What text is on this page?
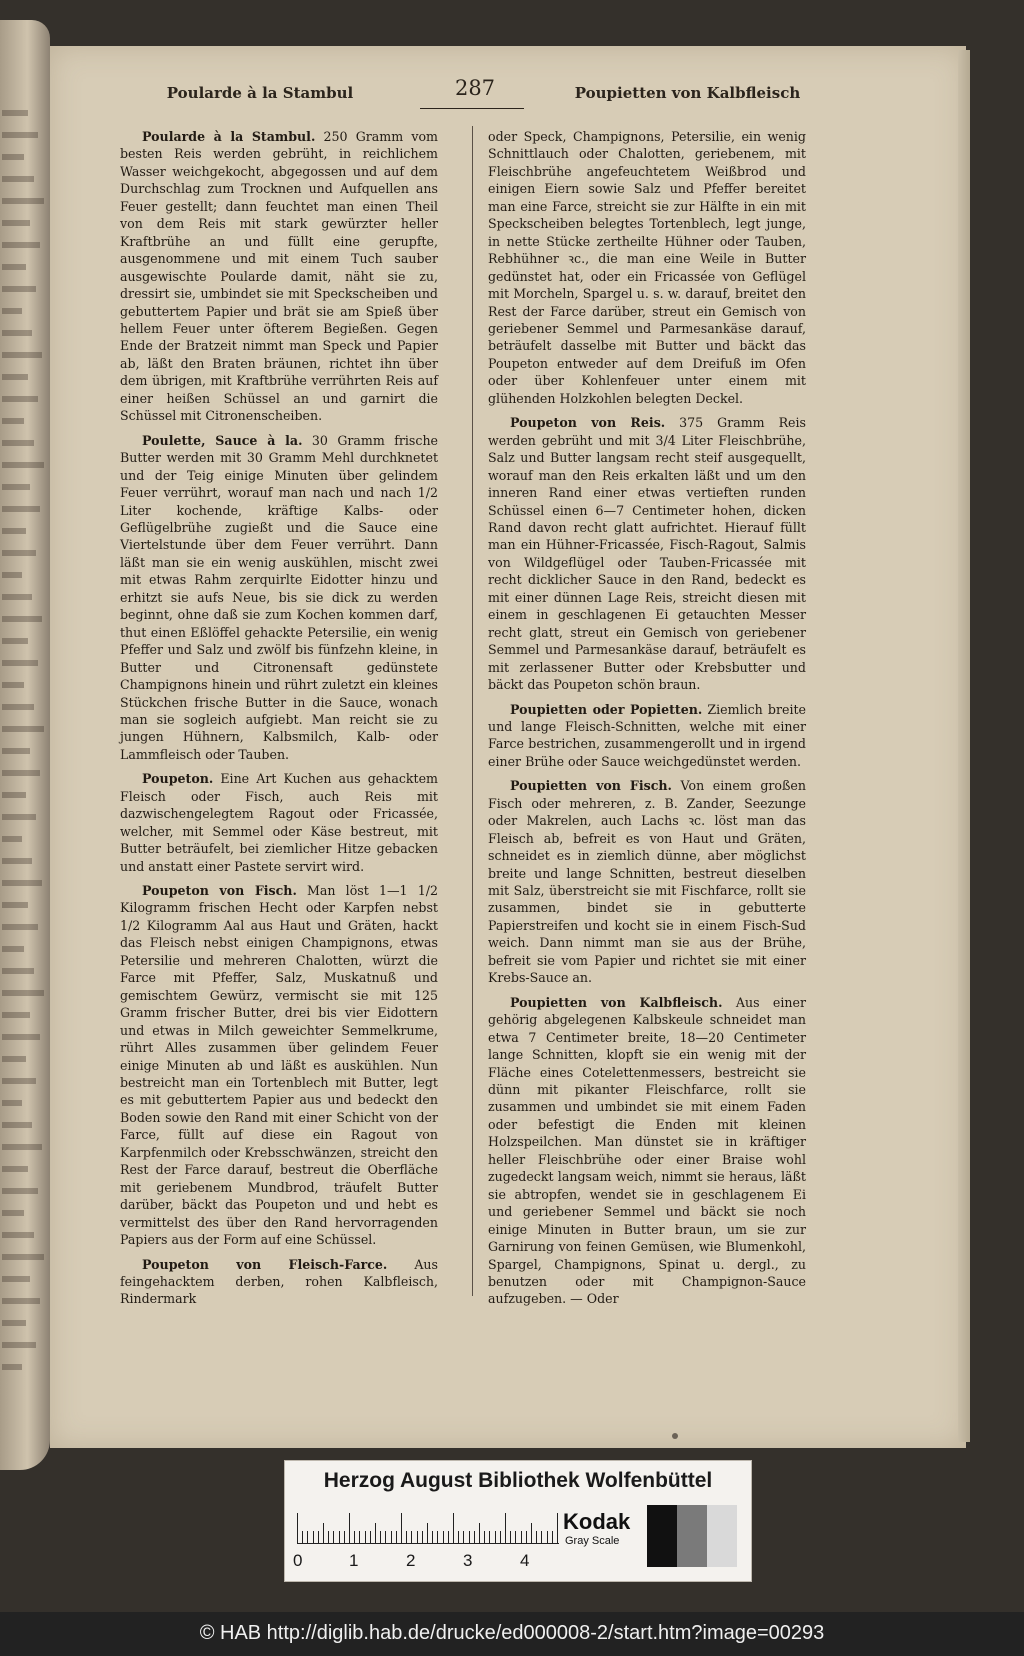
Poularde à la Stambul	287	Poupietten von Kalbfleisch

Poularde à la Stambul. 250 Gramm vom besten Reis werden gebrüht, in reichlichem Wasser weichgekocht, abgegossen und auf dem Durchschlag zum Trocknen und Aufquellen ans Feuer gestellt; dann feuchtet man einen Theil von dem Reis mit stark gewürzter heller Kraftbrühe an und füllt eine gerupfte, ausgenommene und mit einem Tuch sauber ausgewischte Poularde damit, näht sie zu, dressirt sie, umbindet sie mit Speckscheiben und gebuttertem Papier und brät sie am Spieß über hellem Feuer unter öfterem Begießen. Gegen Ende der Bratzeit nimmt man Speck und Papier ab, läßt den Braten bräunen, richtet ihn über dem übrigen, mit Kraftbrühe verrührten Reis auf einer heißen Schüssel an und garnirt die Schüssel mit Citronenscheiben.

Poulette, Sauce à la. 30 Gramm frische Butter werden mit 30 Gramm Mehl durchknetet und der Teig einige Minuten über gelindem Feuer verrührt, worauf man nach und nach 1/2 Liter kochende, kräftige Kalbs- oder Geflügelbrühe zugießt und die Sauce eine Viertelstunde über dem Feuer verrührt. Dann läßt man sie ein wenig auskühlen, mischt zwei mit etwas Rahm zerquirlte Eidotter hinzu und erhitzt sie aufs Neue, bis sie dick zu werden beginnt, ohne daß sie zum Kochen kommen darf, thut einen Eßlöffel gehackte Petersilie, ein wenig Pfeffer und Salz und zwölf bis fünfzehn kleine, in Butter und Citronensaft gedünstete Champignons hinein und rührt zuletzt ein kleines Stückchen frische Butter in die Sauce, wonach man sie sogleich aufgiebt. Man reicht sie zu jungen Hühnern, Kalbsmilch, Kalb- oder Lammfleisch oder Tauben.

Poupeton. Eine Art Kuchen aus gehacktem Fleisch oder Fisch, auch Reis mit dazwischengelegtem Ragout oder Fricassée, welcher, mit Semmel oder Käse bestreut, mit Butter beträufelt, bei ziemlicher Hitze gebacken und anstatt einer Pastete servirt wird.

Poupeton von Fisch. Man löst 1—1 1/2 Kilogramm frischen Hecht oder Karpfen nebst 1/2 Kilogramm Aal aus Haut und Gräten, hackt das Fleisch nebst einigen Champignons, etwas Petersilie und mehreren Chalotten, würzt die Farce mit Pfeffer, Salz, Muskatnuß und gemischtem Gewürz, vermischt sie mit 125 Gramm frischer Butter, drei bis vier Eidottern und etwas in Milch geweichter Semmelkrume, rührt Alles zusammen über gelindem Feuer einige Minuten ab und läßt es auskühlen. Nun bestreicht man ein Tortenblech mit Butter, legt es mit gebuttertem Papier aus und bedeckt den Boden sowie den Rand mit einer Schicht von der Farce, füllt auf diese ein Ragout von Karpfenmilch oder Krebsschwänzen, streicht den Rest der Farce darauf, bestreut die Oberfläche mit geriebenem Mundbrod, träufelt Butter darüber, bäckt das Poupeton und und hebt es vermittelst des über den Rand hervorragenden Papiers aus der Form auf eine Schüssel.

Poupeton von Fleisch-Farce. Aus feingehacktem derben, rohen Kalbfleisch, Rindermark

oder Speck, Champignons, Petersilie, ein wenig Schnittlauch oder Chalotten, geriebenem, mit Fleischbrühe angefeuchtetem Weißbrod und einigen Eiern sowie Salz und Pfeffer bereitet man eine Farce, streicht sie zur Hälfte in ein mit Speckscheiben belegtes Tortenblech, legt junge, in nette Stücke zertheilte Hühner oder Tauben, Rebhühner ꝛc., die man eine Weile in Butter gedünstet hat, oder ein Fricassée von Geflügel mit Morcheln, Spargel u. s. w. darauf, breitet den Rest der Farce darüber, streut ein Gemisch von geriebener Semmel und Parmesankäse darauf, beträufelt dasselbe mit Butter und bäckt das Poupeton entweder auf dem Dreifuß im Ofen oder über Kohlenfeuer unter einem mit glühenden Holzkohlen belegten Deckel.

Poupeton von Reis. 375 Gramm Reis werden gebrüht und mit 3/4 Liter Fleischbrühe, Salz und Butter langsam recht steif ausgequellt, worauf man den Reis erkalten läßt und um den inneren Rand einer etwas vertieften runden Schüssel einen 6—7 Centimeter hohen, dicken Rand davon recht glatt aufrichtet. Hierauf füllt man ein Hühner-Fricassée, Fisch-Ragout, Salmis von Wildgeflügel oder Tauben-Fricassée mit recht dicklicher Sauce in den Rand, bedeckt es mit einer dünnen Lage Reis, streicht diesen mit einem in geschlagenen Ei getauchten Messer recht glatt, streut ein Gemisch von geriebener Semmel und Parmesankäse darauf, beträufelt es mit zerlassener Butter oder Krebsbutter und bäckt das Poupeton schön braun.

Poupietten oder Popietten. Ziemlich breite und lange Fleisch-Schnitten, welche mit einer Farce bestrichen, zusammengerollt und in irgend einer Brühe oder Sauce weichgedünstet werden.

Poupietten von Fisch. Von einem großen Fisch oder mehreren, z. B. Zander, Seezunge oder Makrelen, auch Lachs ꝛc. löst man das Fleisch ab, befreit es von Haut und Gräten, schneidet es in ziemlich dünne, aber möglichst breite und lange Schnitten, bestreut dieselben mit Salz, überstreicht sie mit Fischfarce, rollt sie zusammen, bindet sie in gebutterte Papierstreifen und kocht sie in einem Fisch-Sud weich. Dann nimmt man sie aus der Brühe, befreit sie vom Papier und richtet sie mit einer Krebs-Sauce an.

Poupietten von Kalbfleisch. Aus einer gehörig abgelegenen Kalbskeule schneidet man etwa 7 Centimeter breite, 18—20 Centimeter lange Schnitten, klopft sie ein wenig mit der Fläche eines Cotelettenmessers, bestreicht sie dünn mit pikanter Fleischfarce, rollt sie zusammen und umbindet sie mit einem Faden oder befestigt die Enden mit kleinen Holzspeilchen. Man dünstet sie in kräftiger heller Fleischbrühe oder einer Braise wohl zugedeckt langsam weich, nimmt sie heraus, läßt sie abtropfen, wendet sie in geschlagenem Ei und geriebener Semmel und bäckt sie noch einige Minuten in Butter braun, um sie zur Garnirung von feinen Gemüsen, wie Blumenkohl, Spargel, Champignons, Spinat u. dergl., zu benutzen oder mit Champignon-Sauce aufzugeben. — Oder

Herzog August Bibliothek Wolfenbüttel
0	1	2	3	4
Kodak
Gray Scale
© HAB http://diglib.hab.de/drucke/ed000008-2/start.htm?image=00293
